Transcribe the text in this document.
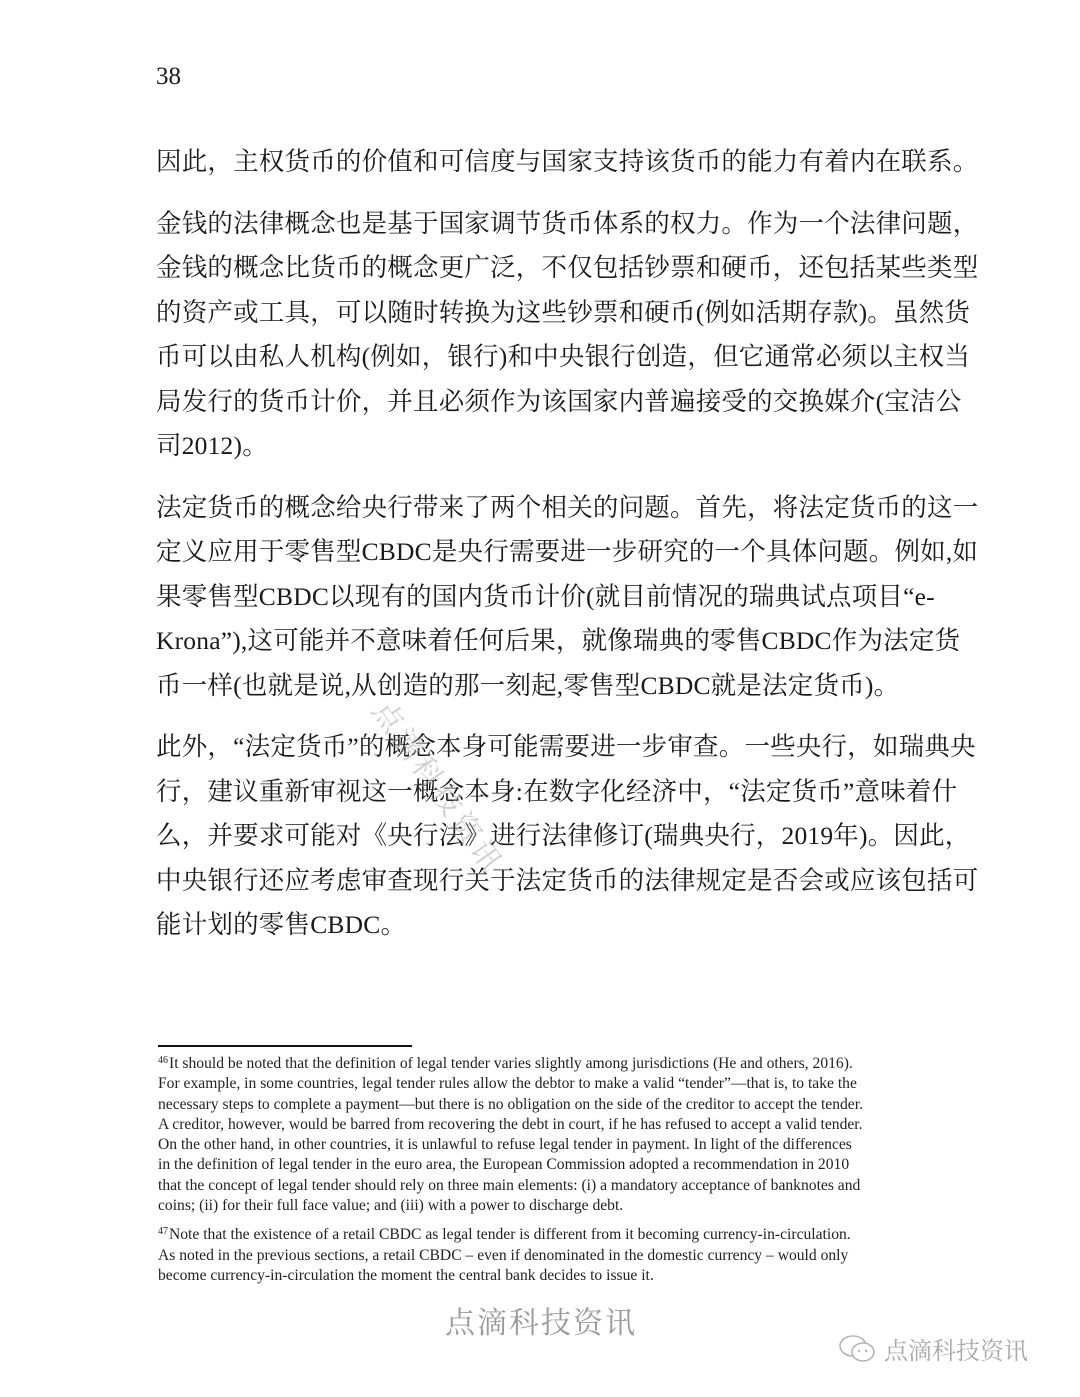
38

因此，主权货币的价值和可信度与国家支持该货币的能力有着内在联系。

金钱的法律概念也是基于国家调节货币体系的权力。作为一个法律问题，
金钱的概念比货币的概念更广泛，不仅包括钞票和硬币，还包括某些类型
的资产或工具，可以随时转换为这些钞票和硬币(例如活期存款)。虽然货
币可以由私人机构(例如，银行)和中央银行创造，但它通常必须以主权当
局发行的货币计价，并且必须作为该国家内普遍接受的交换媒介(宝洁公
司2012)。

法定货币的概念给央行带来了两个相关的问题。首先，将法定货币的这一
定义应用于零售型CBDC是央行需要进一步研究的一个具体问题。例如,如
果零售型CBDC以现有的国内货币计价(就目前情况的瑞典试点项目“e-
Krona”),这可能并不意味着任何后果，就像瑞典的零售CBDC作为法定货
币一样(也就是说,从创造的那一刻起,零售型CBDC就是法定货币)。

此外，“法定货币”的概念本身可能需要进一步审查。一些央行，如瑞典央
行，建议重新审视这一概念本身:在数字化经济中，“法定货币”意味着什
么，并要求可能对《央行法》进行法律修订(瑞典央行，2019年)。因此，
中央银行还应考虑审查现行关于法定货币的法律规定是否会或应该包括可
能计划的零售CBDC。

点滴科技资讯
$^{46}$It should be noted that the definition of legal tender varies slightly among jurisdictions (He and others, 2016).
For example, in some countries, legal tender rules allow the debtor to make a valid “tender”—that is, to take the
necessary steps to complete a payment—but there is no obligation on the side of the creditor to accept the tender.
A creditor, however, would be barred from recovering the debt in court, if he has refused to accept a valid tender.
On the other hand, in other countries, it is unlawful to refuse legal tender in payment. In light of the differences
in the definition of legal tender in the euro area, the European Commission adopted a recommendation in 2010
that the concept of legal tender should rely on three main elements: (i) a mandatory acceptance of banknotes and
coins; (ii) for their full face value; and (iii) with a power to discharge debt.
$^{47}$Note that the existence of a retail CBDC as legal tender is different from it becoming currency-in-circulation.
As noted in the previous sections, a retail CBDC – even if denominated in the domestic currency – would only
become currency-in-circulation the moment the central bank decides to issue it.
点滴科技资讯
点滴科技资讯
